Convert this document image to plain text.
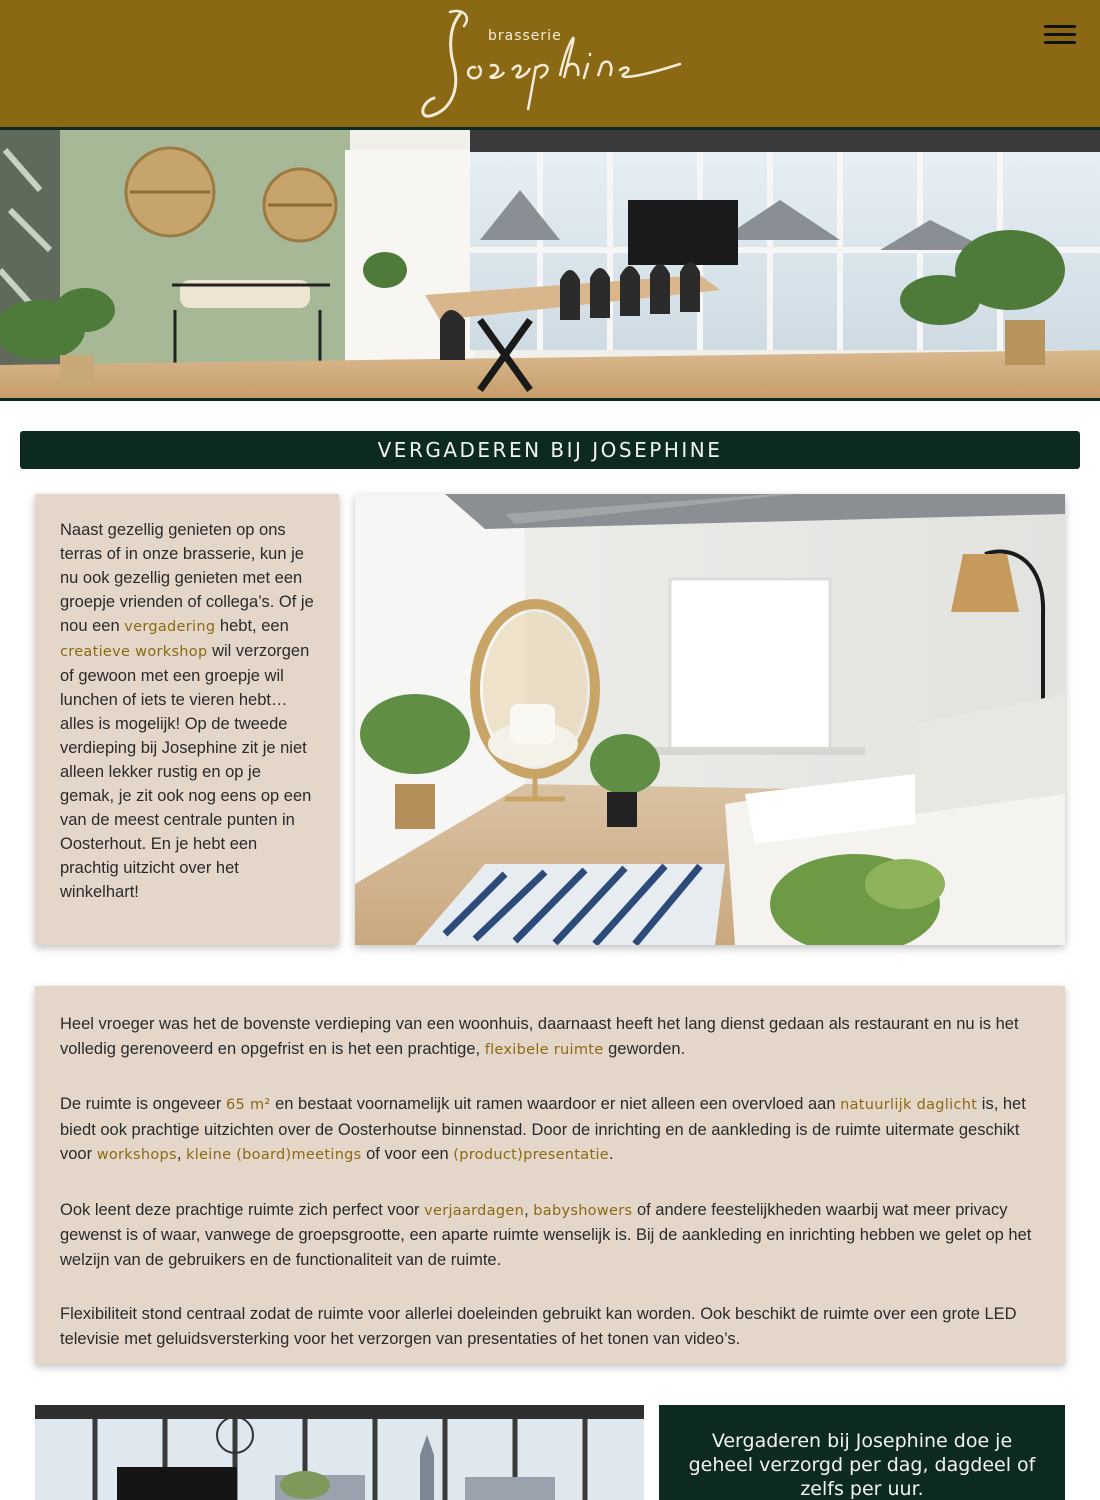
brasserie
VERGADEREN BIJ JOSEPHINE

Naast gezellig genieten op ons terras of in onze brasserie, kun je nu ook gezellig genieten met een groepje vrienden of collega’s. Of je nou een vergadering hebt, een creatieve workshop wil verzorgen of gewoon met een groepje wil lunchen of iets te vieren hebt… alles is mogelijk! Op de tweede verdieping bij Josephine zit je niet alleen lekker rustig en op je gemak, je zit ook nog eens op een van de meest centrale punten in Oosterhout. En je hebt een prachtig uitzicht over het winkelhart!

Heel vroeger was het de bovenste verdieping van een woonhuis, daarnaast heeft het lang dienst gedaan als restaurant en nu is het volledig gerenoveerd en opgefrist en is het een prachtige, flexibele ruimte geworden.

De ruimte is ongeveer 65 m² en bestaat voornamelijk uit ramen waardoor er niet alleen een overvloed aan natuurlijk daglicht is, het biedt ook prachtige uitzichten over de Oosterhoutse binnenstad. Door de inrichting en de aankleding is de ruimte uitermate geschikt voor workshops, kleine (board)meetings of voor een (product)presentatie.

Ook leent deze prachtige ruimte zich perfect voor verjaardagen, babyshowers of andere feestelijkheden waarbij wat meer privacy gewenst is of waar, vanwege de groepsgrootte, een aparte ruimte wenselijk is. Bij de aankleding en inrichting hebben we gelet op het welzijn van de gebruikers en de functionaliteit van de ruimte.

Flexibiliteit stond centraal zodat de ruimte voor allerlei doeleinden gebruikt kan worden. Ook beschikt de ruimte over een grote LED televisie met geluidsversterking voor het verzorgen van presentaties of het tonen van video’s.

Vergaderen bij Josephine doe je geheel verzorgd per dag, dagdeel of zelfs per uur.
